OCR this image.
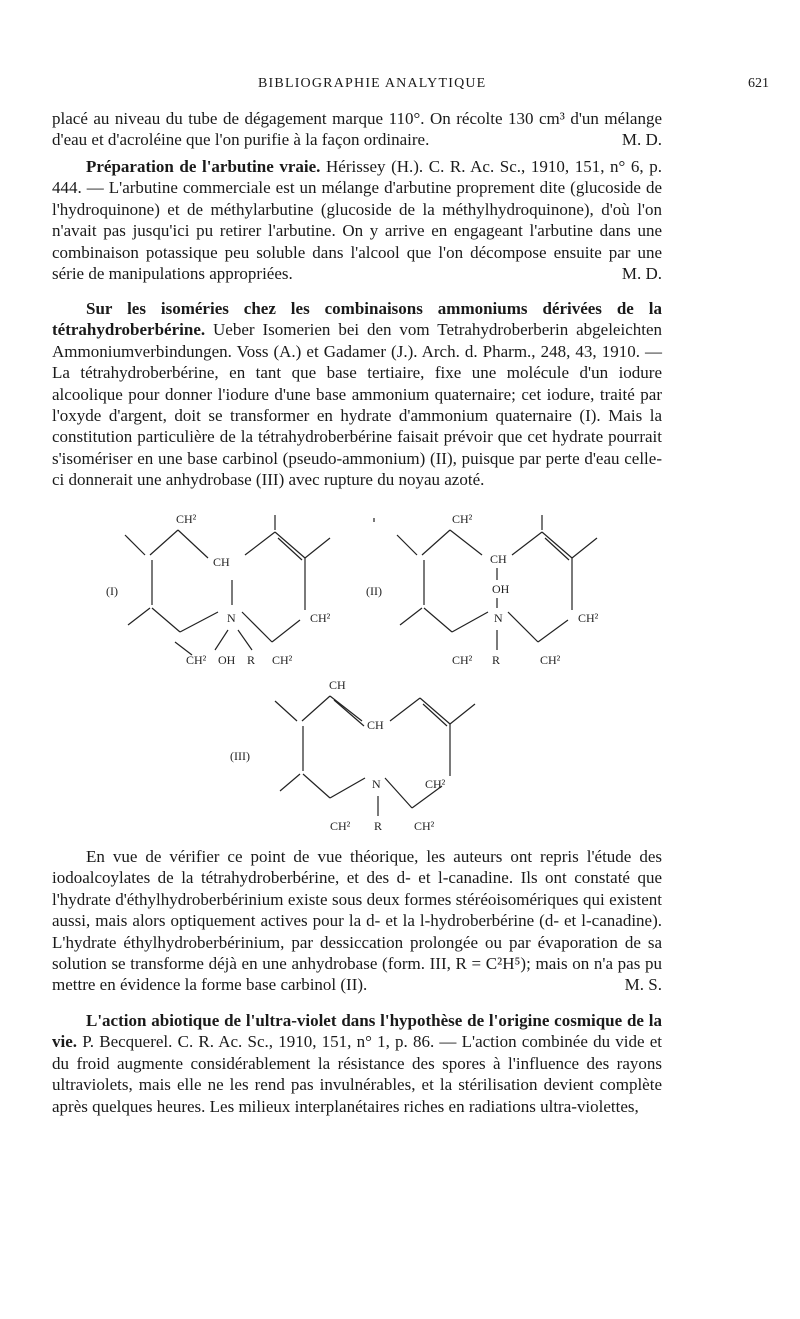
BIBLIOGRAPHIE ANALYTIQUE	621

placé au niveau du tube de dégagement marque 110°. On récolte 130 cm³ d'un mélange d'eau et d'acroléine que l'on purifie à la façon ordinaire.	M. D.

Préparation de l'arbutine vraie. Hérissey (H.). C. R. Ac. Sc., 1910, 151, n° 6, p. 444. — L'arbutine commerciale est un mélange d'arbutine proprement dite (glucoside de l'hydroquinone) et de méthylarbutine (glucoside de la méthylhydroquinone), d'où l'on n'avait pas jusqu'ici pu retirer l'arbutine. On y arrive en engageant l'arbutine dans une combinaison potassique peu soluble dans l'alcool que l'on décompose ensuite par une série de manipulations appropriées.	M. D.

Sur les isoméries chez les combinaisons ammoniums dérivées de la tétrahydroberbérine. Ueber Isomerien bei den vom Tetrahydroberberin abgeleichten Ammoniumverbindungen. Voss (A.) et Gadamer (J.). Arch. d. Pharm., 248, 43, 1910. — La tétrahydroberbérine, en tant que base tertiaire, fixe une molécule d'un iodure alcoolique pour donner l'iodure d'une base ammonium quaternaire; cet iodure, traité par l'oxyde d'argent, doit se transformer en hydrate d'ammonium quaternaire (I). Mais la constitution particulière de la tétrahydroberbérine faisait prévoir que cet hydrate pourrait s'isomériser en une base carbinol (pseudo-ammonium) (II), puisque par perte d'eau celle-ci donnerait une anhydrobase (III) avec rupture du noyau azoté.

(I)
CH²
CH
N	CH²
CH² OH R CH²
(II)
CH²
CH
OH
N	CH²
CH² R	CH²
(III)
CH
CH
N	CH²
CH² R	CH²

En vue de vérifier ce point de vue théorique, les auteurs ont repris l'étude des iodoalcoylates de la tétrahydroberbérine, et des d- et l-canadine. Ils ont constaté que l'hydrate d'éthylhydroberbérinium existe sous deux formes stéréoisomériques qui existent aussi, mais alors optiquement actives pour la d- et la l-hydroberbérine (d- et l-canadine). L'hydrate éthylhydroberbérinium, par dessiccation prolongée ou par évaporation de sa solution se transforme déjà en une anhydrobase (form. III, R = C²H⁵); mais on n'a pas pu mettre en évidence la forme base carbinol (II).	M. S.

L'action abiotique de l'ultra-violet dans l'hypothèse de l'origine cosmique de la vie. P. Becquerel. C. R. Ac. Sc., 1910, 151, n° 1, p. 86. — L'action combinée du vide et du froid augmente considérablement la résistance des spores à l'influence des rayons ultraviolets, mais elle ne les rend pas invulnérables, et la stérilisation devient complète après quelques heures. Les milieux interplanétaires riches en radiations ultra-violettes,
